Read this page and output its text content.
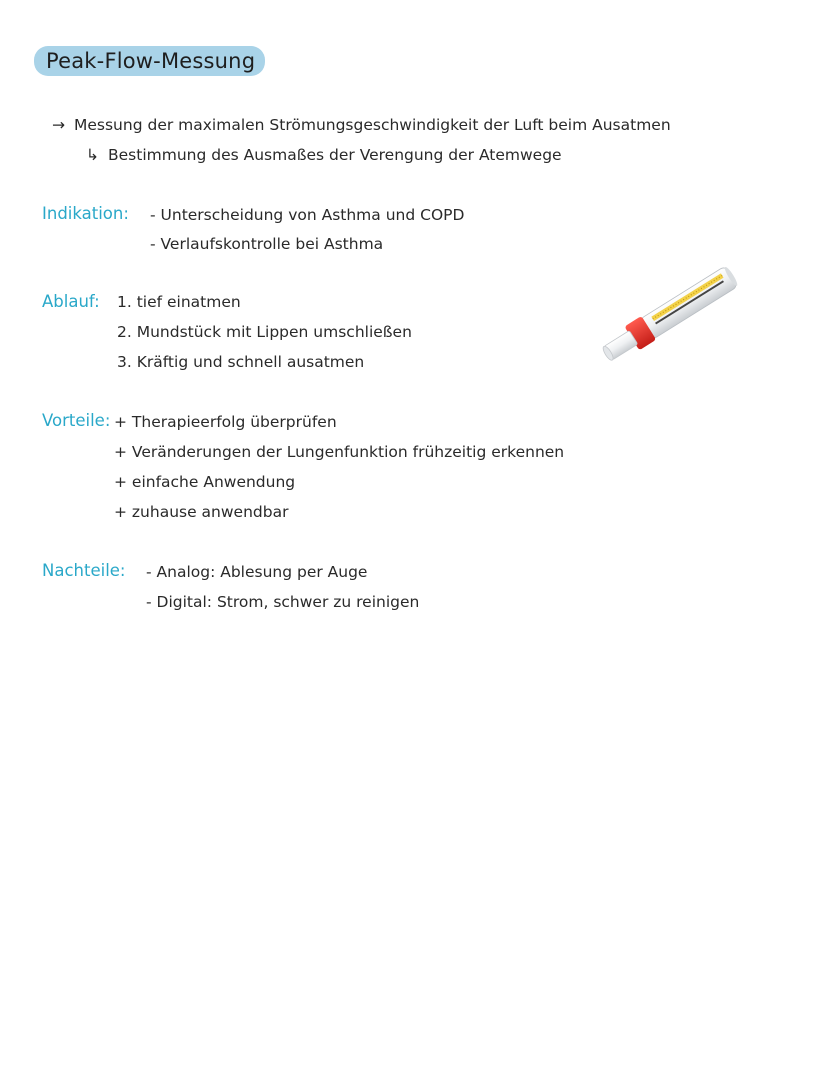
Peak-Flow-Messung
→ Messung der maximalen Strömungsgeschwindigkeit der Luft beim Ausatmen
↳ Bestimmung des Ausmaßes der Verengung der Atemwege
Indikation: - Unterscheidung von Asthma und COPD
- Verlaufskontrolle bei Asthma
Ablauf: 1. tief einatmen
2. Mundstück mit Lippen umschließen
3. Kräftig und schnell ausatmen
Vorteile: + Therapieerfolg überprüfen
+ Veränderungen der Lungenfunktion frühzeitig erkennen
+ einfache Anwendung
+ zuhause anwendbar
Nachteile: - Analog: Ablesung per Auge
- Digital: Strom, schwer zu reinigen
